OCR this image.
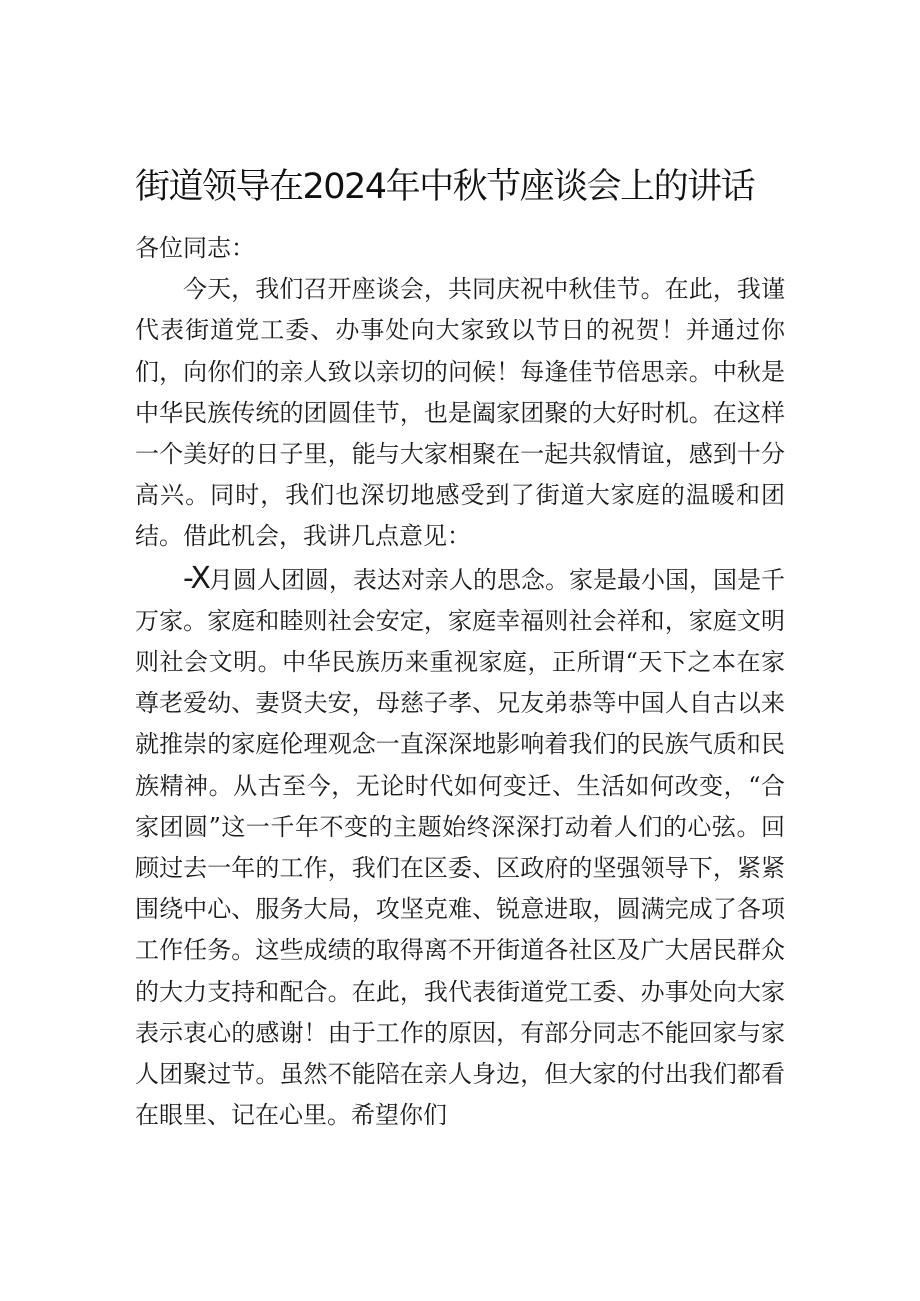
街道领导在2024年中秋节座谈会上的讲话

各位同志：

今天，我们召开座谈会，共同庆祝中秋佳节。在此，我谨代表街道党工委、办事处向大家致以节日的祝贺！并通过你们，向你们的亲人致以亲切的问候！每逢佳节倍思亲。中秋是中华民族传统的团圆佳节，也是阖家团聚的大好时机。在这样一个美好的日子里，能与大家相聚在一起共叙情谊，感到十分高兴。同时，我们也深切地感受到了街道大家庭的温暖和团结。借此机会，我讲几点意见：

-X月圆人团圆，表达对亲人的思念。家是最小国，国是千万家。家庭和睦则社会安定，家庭幸福则社会祥和，家庭文明则社会文明。中华民族历来重视家庭，正所谓“天下之本在家尊老爱幼、妻贤夫安，母慈子孝、兄友弟恭等中国人自古以来就推崇的家庭伦理观念一直深深地影响着我们的民族气质和民族精神。从古至今，无论时代如何变迁、生活如何改变，“合家团圆”这一千年不变的主题始终深深打动着人们的心弦。回顾过去一年的工作，我们在区委、区政府的坚强领导下，紧紧围绕中心、服务大局，攻坚克难、锐意进取，圆满完成了各项工作任务。这些成绩的取得离不开街道各社区及广大居民群众的大力支持和配合。在此，我代表街道党工委、办事处向大家表示衷心的感谢！由于工作的原因，有部分同志不能回家与家人团聚过节。虽然不能陪在亲人身边，但大家的付出我们都看在眼里、记在心里。希望你们
